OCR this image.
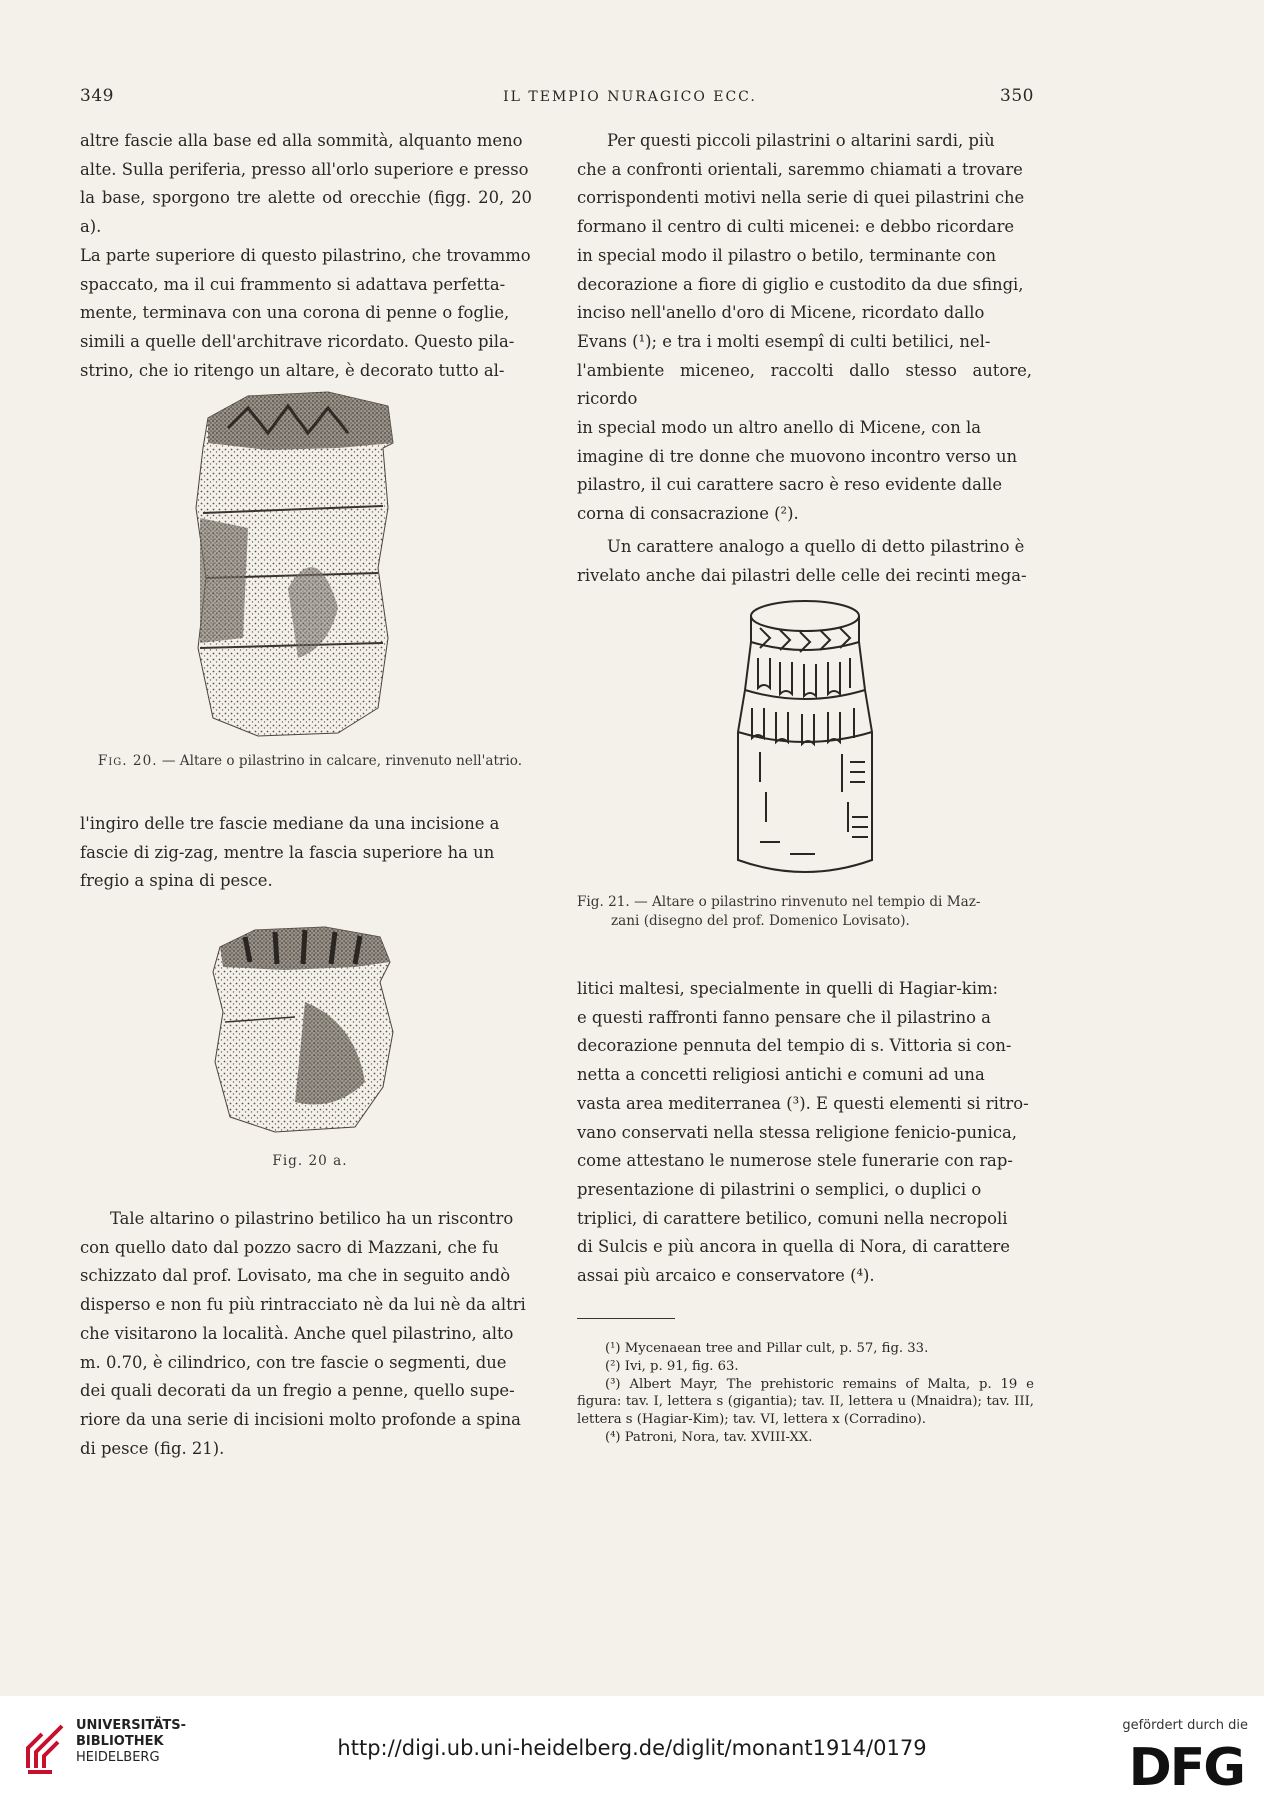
349	IL TEMPIO NURAGICO ECC.	350

altre fascie alla base ed alla sommità, alquanto meno

alte. Sulla periferia, presso all'orlo superiore e presso

la base, sporgono tre alette od orecchie (figg. 20, 20 a).

La parte superiore di questo pilastrino, che trovammo

spaccato, ma il cui frammento si adattava perfetta-

mente, terminava con una corona di penne o foglie,

simili a quelle dell'architrave ricordato. Questo pila-

strino, che io ritengo un altare, è decorato tutto al-

Fig. 20. — Altare o pilastrino in calcare, rinvenuto nell'atrio.

l'ingiro delle tre fascie mediane da una incisione a

fascie di zig-zag, mentre la fascia superiore ha un

fregio a spina di pesce.

Fig. 20 a.

Tale altarino o pilastrino betilico ha un riscontro

con quello dato dal pozzo sacro di Mazzani, che fu

schizzato dal prof. Lovisato, ma che in seguito andò

disperso e non fu più rintracciato nè da lui nè da altri

che visitarono la località. Anche quel pilastrino, alto

m. 0.70, è cilindrico, con tre fascie o segmenti, due

dei quali decorati da un fregio a penne, quello supe-

riore da una serie di incisioni molto profonde a spina

di pesce (fig. 21).

Per questi piccoli pilastrini o altarini sardi, più

che a confronti orientali, saremmo chiamati a trovare

corrispondenti motivi nella serie di quei pilastrini che

formano il centro di culti micenei: e debbo ricordare

in special modo il pilastro o betilo, terminante con

decorazione a fiore di giglio e custodito da due sfingi,

inciso nell'anello d'oro di Micene, ricordato dallo

Evans (¹); e tra i molti esempî di culti betilici, nel-

l'ambiente miceneo, raccolti dallo stesso autore, ricordo

in special modo un altro anello di Micene, con la

imagine di tre donne che muovono incontro verso un

pilastro, il cui carattere sacro è reso evidente dalle

corna di consacrazione (²).

Un carattere analogo a quello di detto pilastrino è

rivelato anche dai pilastri delle celle dei recinti mega-

Fig. 21. — Altare o pilastrino rinvenuto nel tempio di Maz-
zani (disegno del prof. Domenico Lovisato).

litici maltesi, specialmente in quelli di Hagiar-kim:

e questi raffronti fanno pensare che il pilastrino a

decorazione pennuta del tempio di s. Vittoria si con-

netta a concetti religiosi antichi e comuni ad una

vasta area mediterranea (³). E questi elementi si ritro-

vano conservati nella stessa religione fenicio-punica,

come attestano le numerose stele funerarie con rap-

presentazione di pilastrini o semplici, o duplici o

triplici, di carattere betilico, comuni nella necropoli

di Sulcis e più ancora in quella di Nora, di carattere

assai più arcaico e conservatore (⁴).

(¹) Mycenaean tree and Pillar cult, p. 57, fig. 33.

(²) Ivi, p. 91, fig. 63.

(³) Albert Mayr, The prehistoric remains of Malta, p. 19 e figura: tav. I, lettera s (gigantia); tav. II, lettera u (Mnaidra); tav. III, lettera s (Hagiar-Kim); tav. VI, lettera x (Corradino).

(⁴) Patroni, Nora, tav. XVIII-XX.

UNIVERSITÄTS-
BIBLIOTHEK
HEIDELBERG	http://digi.ub.uni-heidelberg.de/diglit/monant1914/0179
gefördert durch die
DFG
